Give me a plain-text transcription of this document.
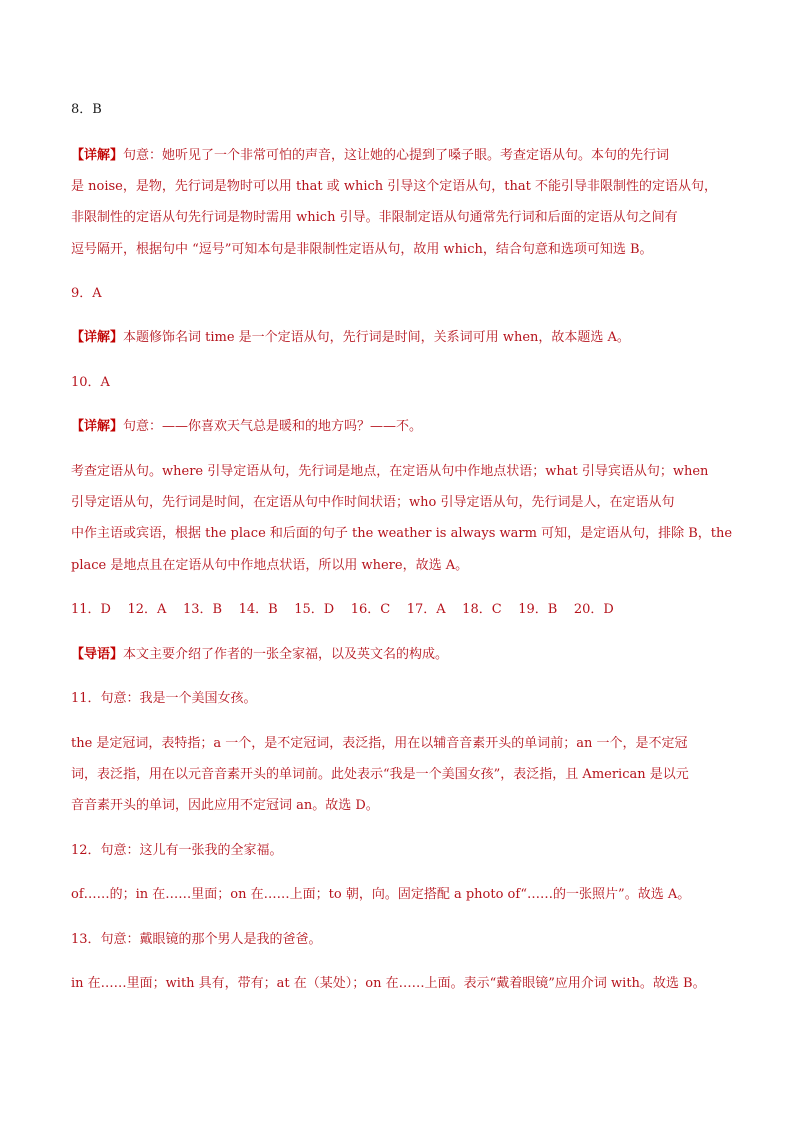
8．B
【详解】句意：她听见了一个非常可怕的声音，这让她的心提到了嗓子眼。考查定语从句。本句的先行词
是 noise，是物，先行词是物时可以用 that 或 which 引导这个定语从句，that 不能引导非限制性的定语从句，
非限制性的定语从句先行词是物时需用 which 引导。非限制定语从句通常先行词和后面的定语从句之间有
逗号隔开，根据句中 “逗号”可知本句是非限制性定语从句，故用 which，结合句意和选项可知选 B。
9．A
【详解】本题修饰名词 time 是一个定语从句，先行词是时间，关系词可用 when，故本题选 A。
10．A
【详解】句意：——你喜欢天气总是暖和的地方吗？——不。
考查定语从句。where 引导定语从句，先行词是地点，在定语从句中作地点状语；what 引导宾语从句；when
引导定语从句，先行词是时间，在定语从句中作时间状语；who 引导定语从句，先行词是人，在定语从句
中作主语或宾语，根据 the place 和后面的句子 the weather is always warm 可知，是定语从句，排除 B，the
place 是地点且在定语从句中作地点状语，所以用 where，故选 A。
11．D    12．A    13．B    14．B    15．D    16．C    17．A    18．C    19．B    20．D
【导语】本文主要介绍了作者的一张全家福，以及英文名的构成。
11．句意：我是一个美国女孩。
the 是定冠词，表特指；a 一个，是不定冠词，表泛指，用在以辅音音素开头的单词前；an 一个，是不定冠
词，表泛指，用在以元音音素开头的单词前。此处表示“我是一个美国女孩”，表泛指，且 American 是以元
音音素开头的单词，因此应用不定冠词 an。故选 D。
12．句意：这儿有一张我的全家福。
of……的；in 在……里面；on 在……上面；to 朝，向。固定搭配 a photo of“……的一张照片”。故选 A。
13．句意：戴眼镜的那个男人是我的爸爸。
in 在……里面；with 具有，带有；at 在（某处）；on 在……上面。表示“戴着眼镜”应用介词 with。故选 B。
